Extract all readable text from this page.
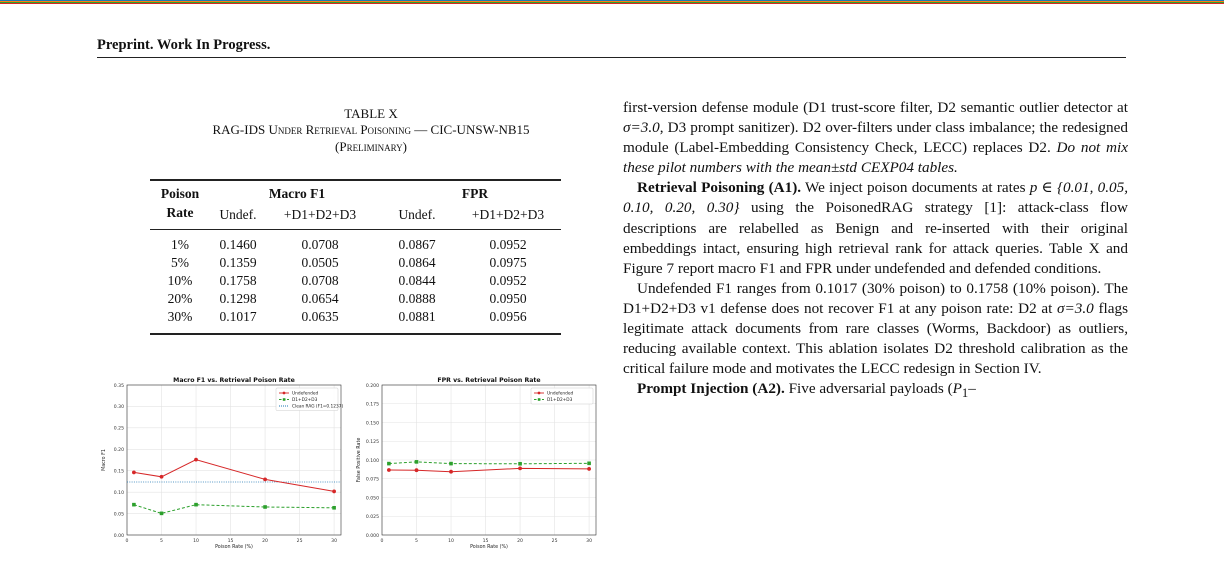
Preprint. Work In Progress.
TABLE X
RAG-IDS Under Retrieval Poisoning — CIC-UNSW-NB15
(Preliminary)
Poison
Rate
Macro F1	FPR
Undef.	+D1+D2+D3	Undef.	+D1+D2+D3
1%	0.1460	0.0708	0.0867	0.0952
5%	0.1359	0.0505	0.0864	0.0975
10%	0.1758	0.0708	0.0844	0.0952
20%	0.1298	0.0654	0.0888	0.0950
30%	0.1017	0.0635	0.0881	0.0956
Macro F1 vs. Retrieval Poison Rate
0.00
0.05
0.10
0.15
0.20
0.25
0.30
0.35
0	5	10	15	20	25	30
Poison Rate (%)
Macro F1
Undefended
D1+D2+D3
Clean RAG (F1=0.1237)
FPR vs. Retrieval Poison Rate
0.000
0.025
0.050
0.075
0.100
0.125
0.150
0.175
0.200
0	5	10	15	20	25	30
Poison Rate (%)
False Positive Rate
Undefended
D1+D2+D3

first-version defense module (D1 trust-score filter, D2 semantic outlier detector at σ=3.0, D3 prompt sanitizer). D2 over-filters under class imbalance; the redesigned module (Label-Embedding Consistency Check, LECC) replaces D2. Do not mix these pilot numbers with the mean±std CEXP04 tables.

Retrieval Poisoning (A1). We inject poison documents at rates p ∈ {0.01, 0.05, 0.10, 0.20, 0.30} using the PoisonedRAG strategy [1]: attack-class flow descriptions are relabelled as Benign and re-inserted with their original embeddings intact, ensuring high retrieval rank for attack queries. Table X and Figure 7 report macro F1 and FPR under undefended and defended conditions.

Undefended F1 ranges from 0.1017 (30% poison) to 0.1758 (10% poison). The D1+D2+D3 v1 defense does not recover F1 at any poison rate: D2 at σ=3.0 flags legitimate attack documents from rare classes (Worms, Backdoor) as outliers, reducing available context. This ablation isolates D2 threshold calibration as the critical failure mode and motivates the LECC redesign in Section IV.

Prompt Injection (A2). Five adversarial payloads ($P_1-$
